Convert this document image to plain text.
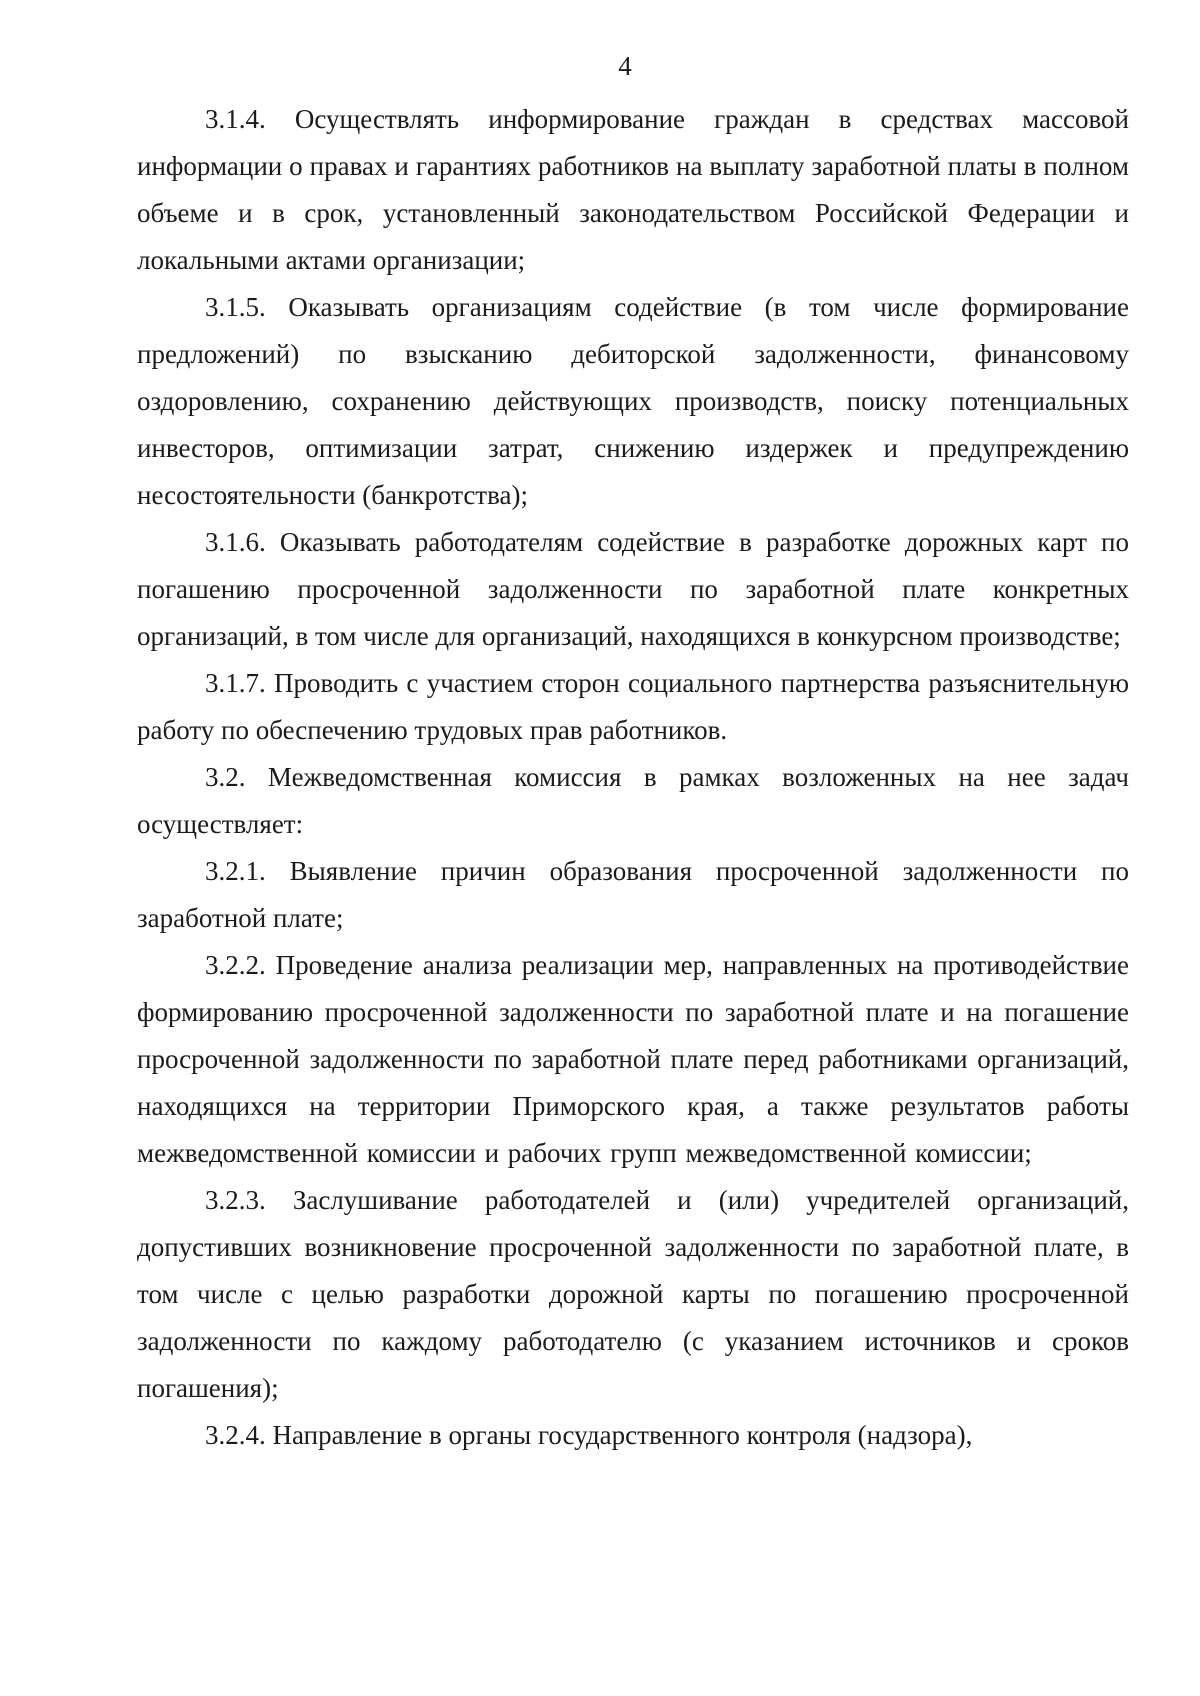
4

3.1.4. Осуществлять информирование граждан в средствах массовой информации о правах и гарантиях работников на выплату заработной платы в полном объеме и в срок, установленный законодательством Российской Федерации и локальными актами организации;

3.1.5. Оказывать организациям содействие (в том числе формирование предложений) по взысканию дебиторской задолженности, финансовому оздоровлению, сохранению действующих производств, поиску потенциальных инвесторов, оптимизации затрат, снижению издержек и предупреждению несостоятельности (банкротства);

3.1.6. Оказывать работодателям содействие в разработке дорожных карт по погашению просроченной задолженности по заработной плате конкретных организаций, в том числе для организаций, находящихся в конкурсном производстве;

3.1.7. Проводить с участием сторон социального партнерства разъяснительную работу по обеспечению трудовых прав работников.

3.2. Межведомственная комиссия в рамках возложенных на нее задач осуществляет:

3.2.1. Выявление причин образования просроченной задолженности по заработной плате;

3.2.2. Проведение анализа реализации мер, направленных на противодействие формированию просроченной задолженности по заработной плате и на погашение просроченной задолженности по заработной плате перед работниками организаций, находящихся на территории Приморского края, а также результатов работы межведомственной комиссии и рабочих групп межведомственной комиссии;

3.2.3. Заслушивание работодателей и (или) учредителей организаций, допустивших возникновение просроченной задолженности по заработной плате, в том числе с целью разработки дорожной карты по погашению просроченной задолженности по каждому работодателю (с указанием источников и сроков погашения);

3.2.4. Направление в органы государственного контроля (надзора),
